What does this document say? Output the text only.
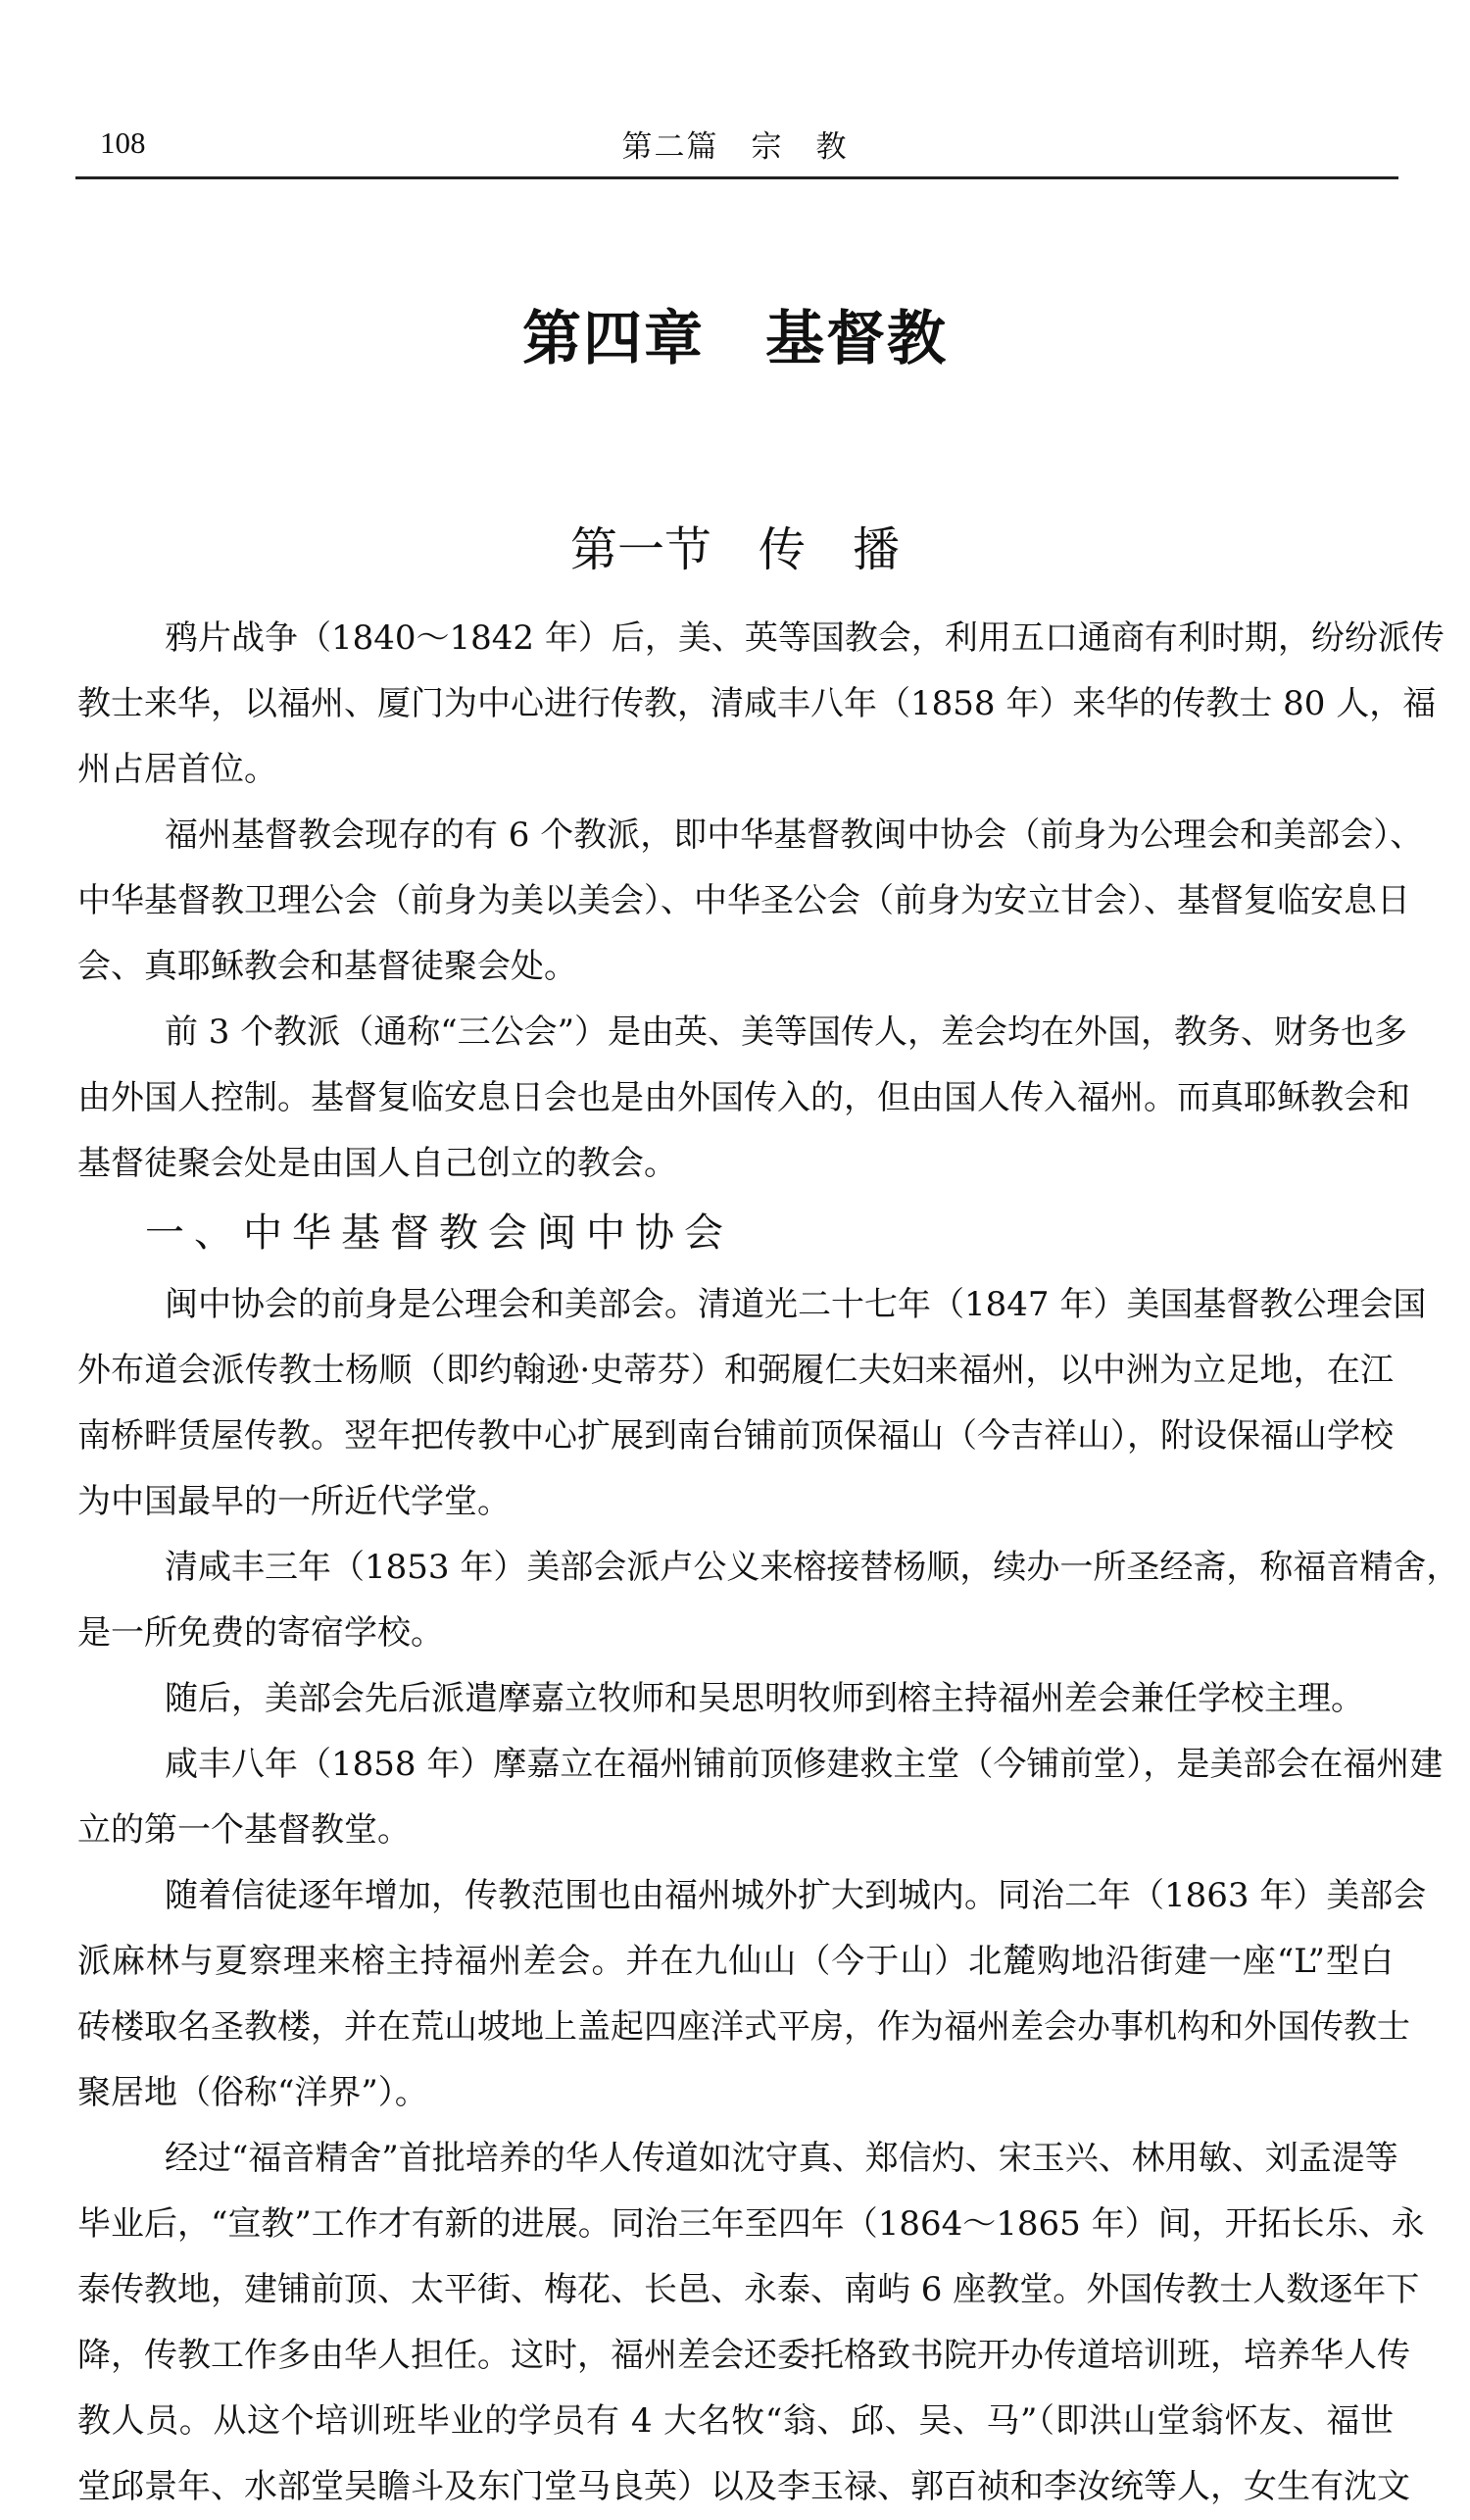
108	第二篇　宗　教
第四章　基督教
第一节　传　播
鸦片战争（1840～1842 年）后，美、英等国教会，利用五口通商有利时期，纷纷派传
教士来华，以福州、厦门为中心进行传教，清咸丰八年（1858 年）来华的传教士 80 人，福
州占居首位。
福州基督教会现存的有 6 个教派，即中华基督教闽中协会（前身为公理会和美部会）、
中华基督教卫理公会（前身为美以美会）、中华圣公会（前身为安立甘会）、基督复临安息日
会、真耶稣教会和基督徒聚会处。
前 3 个教派（通称“三公会”）是由英、美等国传人，差会均在外国，教务、财务也多
由外国人控制。基督复临安息日会也是由外国传入的，但由国人传入福州。而真耶稣教会和
基督徒聚会处是由国人自己创立的教会。
一、中华基督教会闽中协会
闽中协会的前身是公理会和美部会。清道光二十七年（1847 年）美国基督教公理会国
外布道会派传教士杨顺（即约翰逊·史蒂芬）和弼履仁夫妇来福州，以中洲为立足地，在江
南桥畔赁屋传教。翌年把传教中心扩展到南台铺前顶保福山（今吉祥山），附设保福山学校
为中国最早的一所近代学堂。
清咸丰三年（1853 年）美部会派卢公义来榕接替杨顺，续办一所圣经斋，称福音精舍，
是一所免费的寄宿学校。
随后，美部会先后派遣摩嘉立牧师和吴思明牧师到榕主持福州差会兼任学校主理。
咸丰八年（1858 年）摩嘉立在福州铺前顶修建救主堂（今铺前堂），是美部会在福州建
立的第一个基督教堂。
随着信徒逐年增加，传教范围也由福州城外扩大到城内。同治二年（1863 年）美部会
派麻林与夏察理来榕主持福州差会。并在九仙山（今于山）北麓购地沿街建一座“L”型白
砖楼取名圣教楼，并在荒山坡地上盖起四座洋式平房，作为福州差会办事机构和外国传教士
聚居地（俗称“洋界”）。
经过“福音精舍”首批培养的华人传道如沈守真、郑信灼、宋玉兴、林用敏、刘孟湜等
毕业后，“宣教”工作才有新的进展。同治三年至四年（1864～1865 年）间，开拓长乐、永
泰传教地，建铺前顶、太平街、梅花、长邑、永泰、南屿 6 座教堂。外国传教士人数逐年下
降，传教工作多由华人担任。这时，福州差会还委托格致书院开办传道培训班，培养华人传
教人员。从这个培训班毕业的学员有 4 大名牧“翁、邱、吴、马”（即洪山堂翁怀友、福世
堂邱景年、水部堂吴瞻斗及东门堂马良英）以及李玉禄、郭百祯和李汝统等人，女生有沈文
